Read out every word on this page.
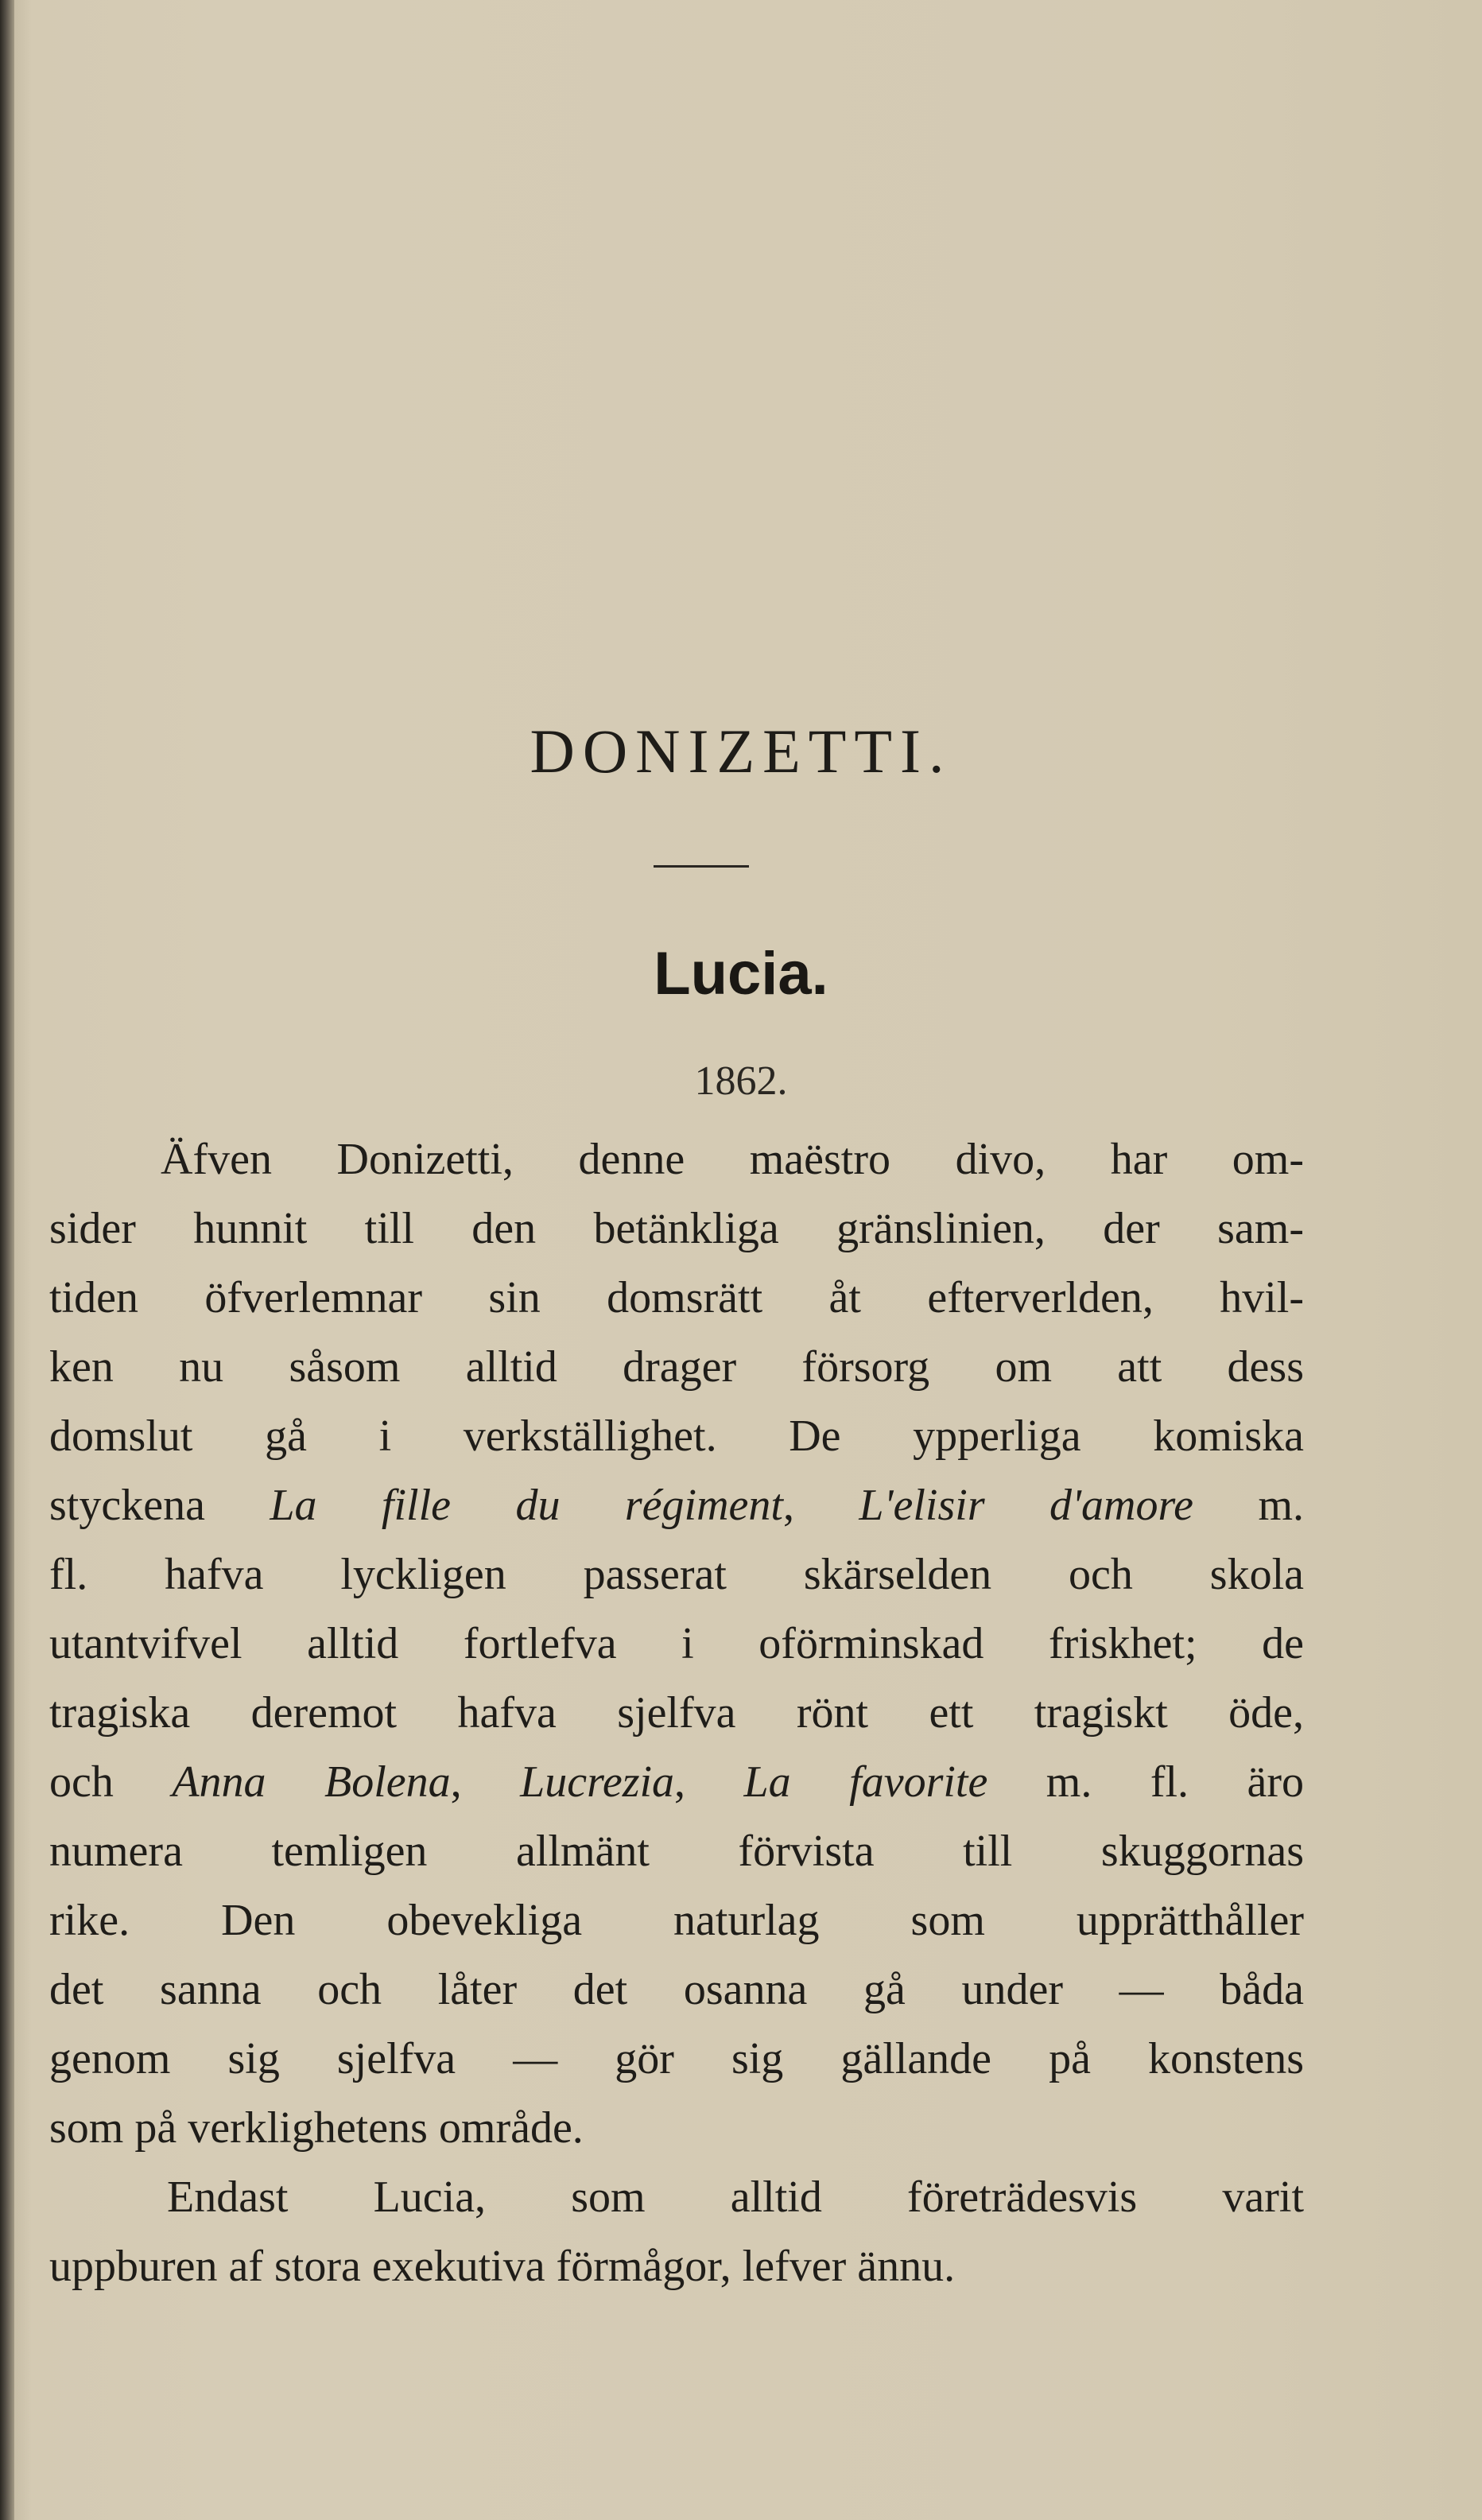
DONIZETTI.
Lucia.
1862.
Äfven Donizetti, denne maëstro divo, har om-
sider hunnit till den betänkliga gränslinien, der sam-
tiden öfverlemnar sin domsrätt åt efterverlden, hvil-
ken nu såsom alltid drager försorg om att dess
domslut gå i verkställighet. De ypperliga komiska
styckena La fille du régiment, L'elisir d'amore m.
fl. hafva lyckligen passerat skärselden och skola
utantvifvel alltid fortlefva i oförminskad friskhet; de
tragiska deremot hafva sjelfva rönt ett tragiskt öde,
och Anna Bolena, Lucrezia, La favorite m. fl. äro
numera temligen allmänt förvista till skuggornas
rike. Den obevekliga naturlag som upprätthåller
det sanna och låter det osanna gå under — båda
genom sig sjelfva — gör sig gällande på konstens
som på verklighetens område.
Endast Lucia, som alltid företrädesvis varit
uppburen af stora exekutiva förmågor, lefver ännu.
